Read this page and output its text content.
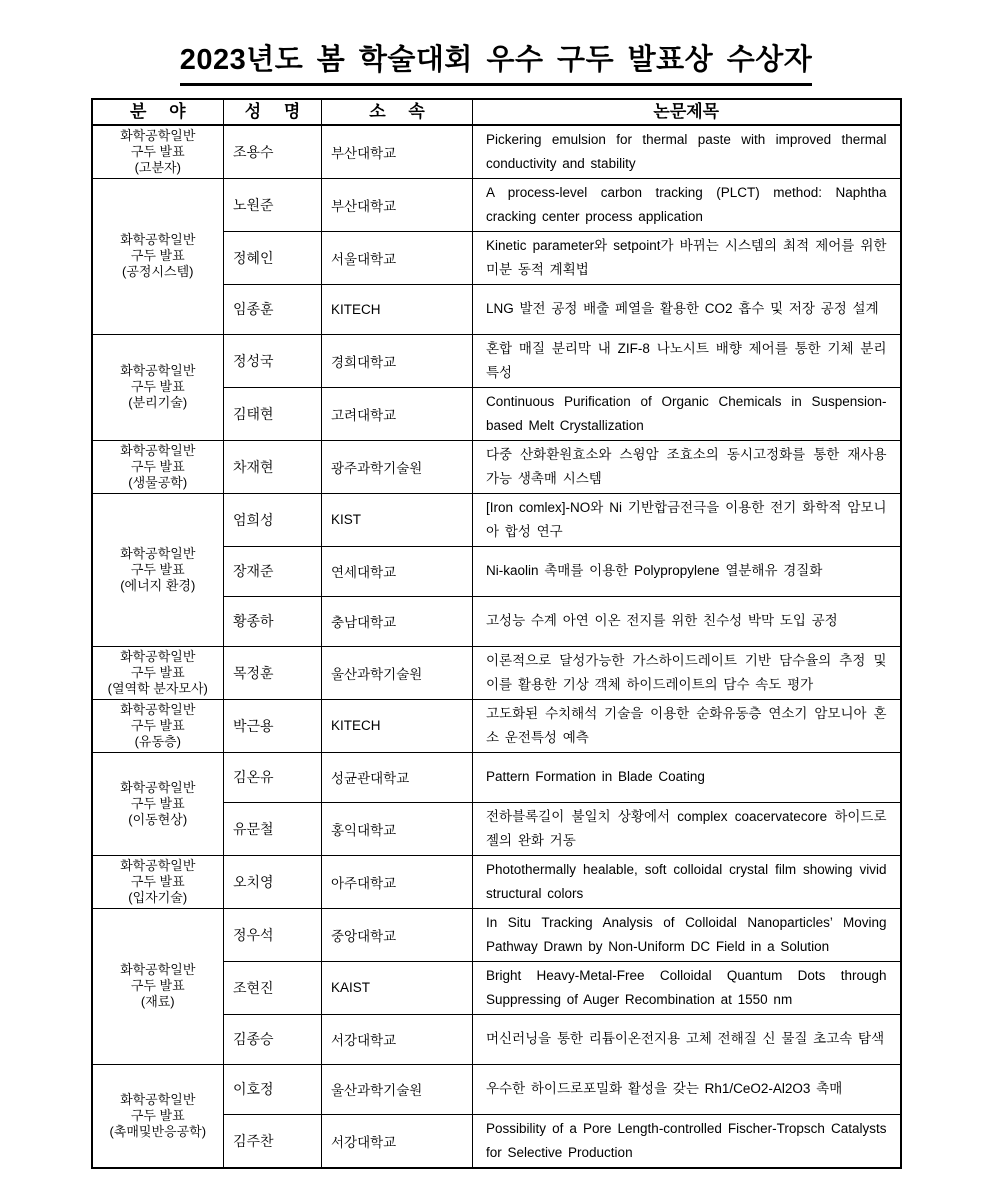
2023년도 봄 학술대회 우수 구두 발표상 수상자
분 야	성 명	소 속	논문제목

화학공학일반
구두 발표
(고분자)	조용수	부산대학교	Pickering emulsion for thermal paste with improved thermal conductivity and stability

화학공학일반
구두 발표
(공정시스템)	노원준	부산대학교	A process-level carbon tracking (PLCT) method: Naphtha cracking center process application
	정혜인	서울대학교	Kinetic parameter와 setpoint가 바뀌는 시스템의 최적 제어를 위한 미분 동적 계획법
	임종훈	KITECH	LNG 발전 공정 배출 페열을 활용한 CO2 흡수 및 저장 공정 설계

화학공학일반
구두 발표
(분리기술)	정성국	경희대학교	혼합 매질 분리막 내 ZIF-8 나노시트 배향 제어를 통한 기체 분리 특성
	김태현	고려대학교	Continuous Purification of Organic Chemicals in Suspension-based Melt Crystallization

화학공학일반
구두 발표
(생물공학)	차재현	광주과학기술원	다중 산화환원효소와 스윙암 조효소의 동시고정화를 통한 재사용 가능 생촉매 시스템

화학공학일반
구두 발표
(에너지 환경)	엄희성	KIST	[Iron comlex]-NO와 Ni 기반합금전극을 이용한 전기 화학적 암모니아 합성 연구
	장재준	연세대학교	Ni-kaolin 촉매를 이용한 Polypropylene 열분해유 경질화
	황종하	충남대학교	고성능 수계 아연 이온 전지를 위한 친수성 박막 도입 공정

화학공학일반
구두 발표
(열역학 분자모사)	목정훈	울산과학기술원	이론적으로 달성가능한 가스하이드레이트 기반 담수율의 추정 및 이를 활용한 기상 객체 하이드레이트의 담수 속도 평가

화학공학일반
구두 발표
(유동층)	박근용	KITECH	고도화된 수치해석 기술을 이용한 순화유동층 연소기 암모니아 혼소 운전특성 예측

화학공학일반
구두 발표
(이동현상)	김온유	성균관대학교	Pattern Formation in Blade Coating
	유문철	홍익대학교	전하블록길이 불일치 상황에서 complex coacervatecore 하이드로젤의 완화 거동

화학공학일반
구두 발표
(입자기술)	오치영	아주대학교	Photothermally healable, soft colloidal crystal film showing vivid structural colors

화학공학일반
구두 발표
(재료)	정우석	중앙대학교	In Situ Tracking Analysis of Colloidal Nanoparticles’ Moving Pathway Drawn by Non-Uniform DC Field in a Solution
	조현진	KAIST	Bright Heavy-Metal-Free Colloidal Quantum Dots through Suppressing of Auger Recombination at 1550 nm
	김종승	서강대학교	머신러닝을 통한 리튬이온전지용 고체 전해질 신 물질 초고속 탐색

화학공학일반
구두 발표
(촉매및반응공학)	이호정	울산과학기술원	우수한 하이드로포밀화 활성을 갖는 Rh1/CeO2-Al2O3 촉매
	김주찬	서강대학교	Possibility of a Pore Length-controlled Fischer-Tropsch Catalysts for Selective Production
